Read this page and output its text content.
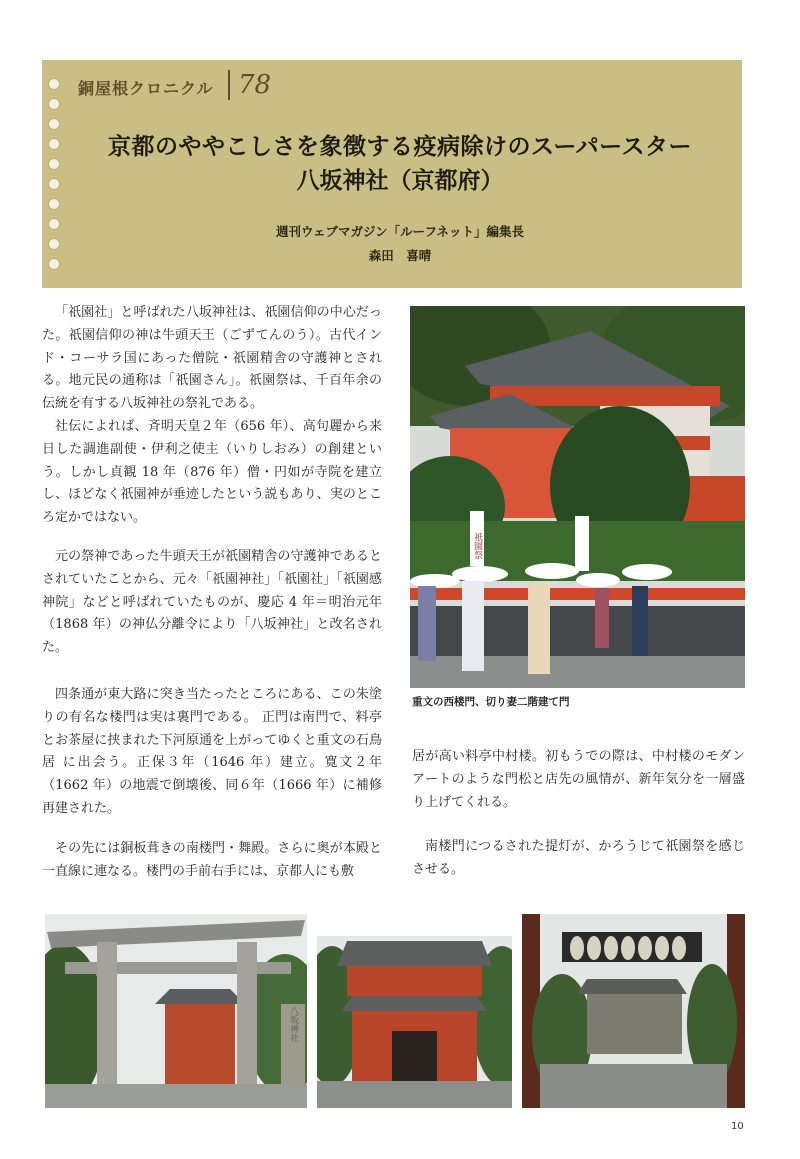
銅屋根クロニクル 78
京都のややこしさを象徴する疫病除けのスーパースター
八坂神社（京都府）
週刊ウェブマガジン「ルーフネット」編集長
森田　喜晴

「祇園社」と呼ばれた八坂神社は、祇園信仰の中心だった。祇園信仰の神は牛頭天王（ごずてんのう）。古代インド・コーサラ国にあった僧院・祇園精舎の守護神とされる。地元民の通称は「祇園さん」。祇園祭は、千百年余の伝統を有する八坂神社の祭礼である。

社伝によれば、斉明天皇２年（656 年）、高句麗から来日した調進副使・伊利之使主（いりしおみ）の創建という。しかし貞観 18 年（876 年）僧・円如が寺院を建立し、ほどなく祇園神が垂迹したという説もあり、実のところ定かではない。

元の祭神であった牛頭天王が祇園精舎の守護神であるとされていたことから、元々「祇園神社」「祇園社」「祇園感神院」などと呼ばれていたものが、慶応 4 年＝明治元年（1868 年）の神仏分離令により「八坂神社」と改名された。

四条通が東大路に突き当たったところにある、この朱塗りの有名な楼門は実は裏門である。 正門は南門で、料亭とお茶屋に挟まれた下河原通を上がってゆくと重文の石鳥居 に出会う。正保３年（1646 年）建立。寛文２年（1662 年）の地震で倒壊後、同６年（1666 年）に補修再建された。

その先には銅板葺きの南楼門・舞殿。さらに奥が本殿と一直線に連なる。楼門の手前右手には、京都人にも敷

居が高い料亭中村楼。初もうでの際は、中村楼のモダンアートのような門松と店先の風情が、新年気分を一層盛り上げてくれる。

南楼門につるされた提灯が、かろうじて祇園祭を感じさせる。

祇園祭
重文の西楼門、切り妻二階建て門
八坂神社
10
